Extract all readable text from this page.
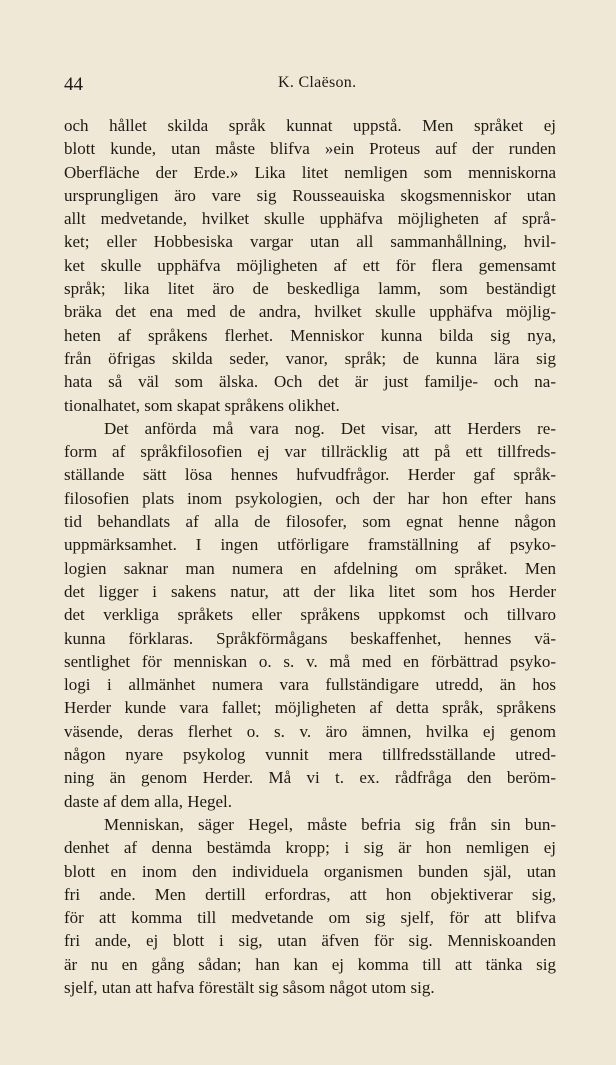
44	K. Claëson.
och hållet skilda språk kunnat uppstå. Men språket ej
blott kunde, utan måste blifva »ein Proteus auf der runden
Oberfläche der Erde.» Lika litet nemligen som menniskorna
ursprungligen äro vare sig Rousseauiska skogsmenniskor utan
allt medvetande, hvilket skulle upphäfva möjligheten af språ-
ket; eller Hobbesiska vargar utan all sammanhållning, hvil-
ket skulle upphäfva möjligheten af ett för flera gemensamt
språk; lika litet äro de beskedliga lamm, som beständigt
bräka det ena med de andra, hvilket skulle upphäfva möjlig-
heten af språkens flerhet. Menniskor kunna bilda sig nya,
från öfrigas skilda seder, vanor, språk; de kunna lära sig
hata så väl som älska. Och det är just familje- och na-
tionalhatet, som skapat språkens olikhet.
Det anförda må vara nog. Det visar, att Herders re-
form af språkfilosofien ej var tillräcklig att på ett tillfreds-
ställande sätt lösa hennes hufvudfrågor. Herder gaf språk-
filosofien plats inom psykologien, och der har hon efter hans
tid behandlats af alla de filosofer, som egnat henne någon
uppmärksamhet. I ingen utförligare framställning af psyko-
logien saknar man numera en afdelning om språket. Men
det ligger i sakens natur, att der lika litet som hos Herder
det verkliga språkets eller språkens uppkomst och tillvaro
kunna förklaras. Språkförmågans beskaffenhet, hennes vä-
sentlighet för menniskan o. s. v. må med en förbättrad psyko-
logi i allmänhet numera vara fullständigare utredd, än hos
Herder kunde vara fallet; möjligheten af detta språk, språkens
väsende, deras flerhet o. s. v. äro ämnen, hvilka ej genom
någon nyare psykolog vunnit mera tillfredsställande utred-
ning än genom Herder. Må vi t. ex. rådfråga den beröm-
daste af dem alla, Hegel.
Menniskan, säger Hegel, måste befria sig från sin bun-
denhet af denna bestämda kropp; i sig är hon nemligen ej
blott en inom den individuela organismen bunden själ, utan
fri ande. Men dertill erfordras, att hon objektiverar sig,
för att komma till medvetande om sig sjelf, för att blifva
fri ande, ej blott i sig, utan äfven för sig. Menniskoanden
är nu en gång sådan; han kan ej komma till att tänka sig
sjelf, utan att hafva förestält sig såsom något utom sig.
